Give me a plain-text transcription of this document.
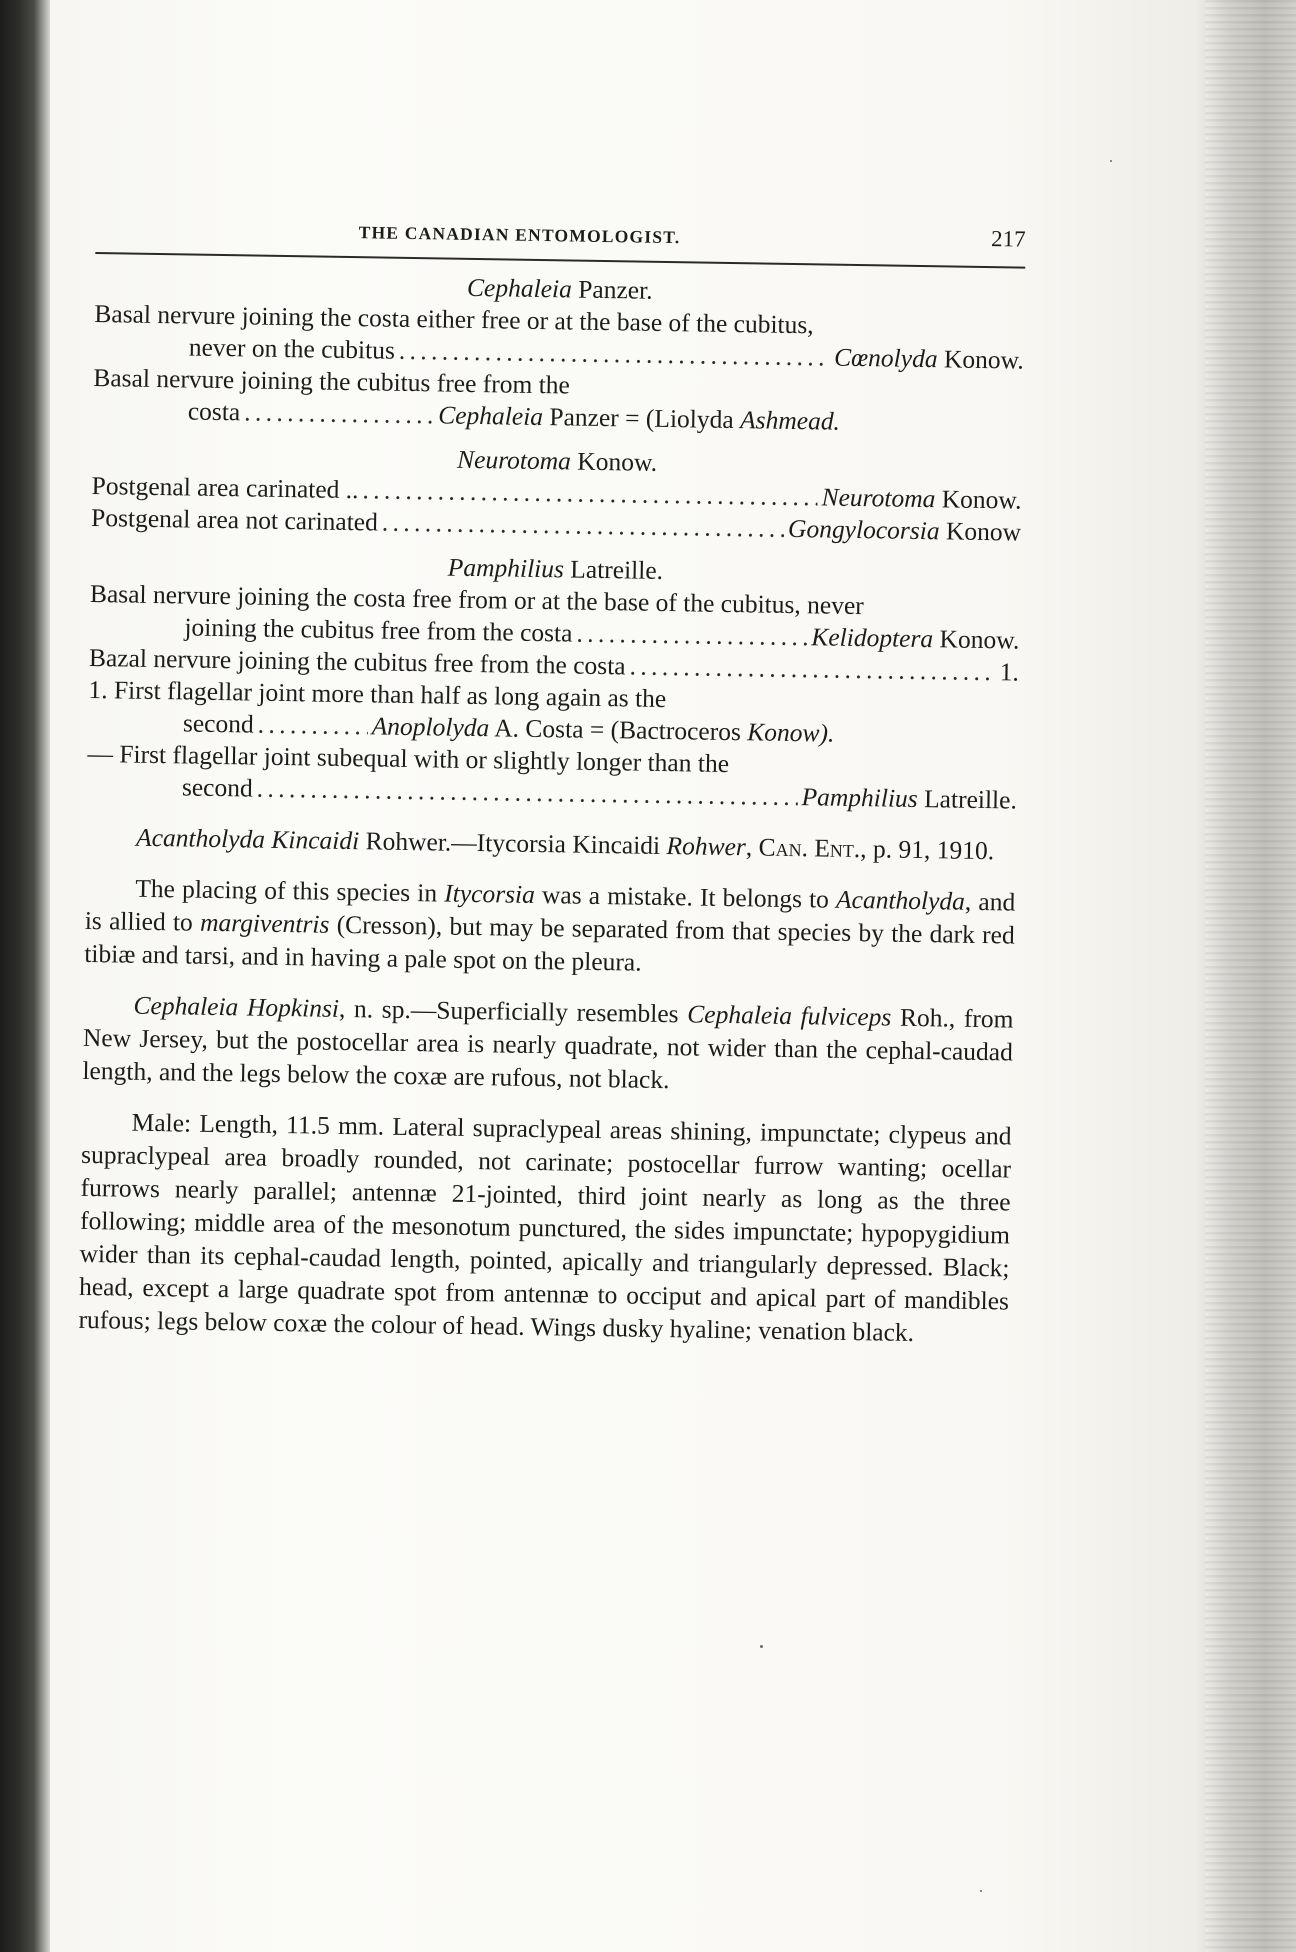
THE CANADIAN ENTOMOLOGIST.	217
Cephaleia Panzer.
Basal nervure joining the costa either free or at the base of the cubitus,
never on the cubitus . . .	Cœnolyda Konow.
Basal nervure joining the cubitus free from the
costa . . .	Cephaleia Panzer = (Liolyda Ashmead.
Neurotoma Konow.
Postgenal area carinated .. . . .	Neurotoma Konow.
Postgenal area not carinated . . .	Gongylocorsia Konow
Pamphilius Latreille.
Basal nervure joining the costa free from or at the base of the cubitus, never
joining the cubitus free from the costa . . .	Kelidoptera Konow.
Bazal nervure joining the cubitus free from the costa . . .	1.
1. First flagellar joint more than half as long again as the
second . . .	Anoplolyda A. Costa = (Bactroceros Konow).
— First flagellar joint subequal with or slightly longer than the
second . . .	Pamphilius Latreille.
Acantholyda Kincaidi Rohwer.—Itycorsia Kincaidi Rohwer, Can. Ent., p. 91, 1910.
The placing of this species in Itycorsia was a mistake. It belongs to Acantholyda, and is allied to margiventris (Cresson), but may be separated from that species by the dark red tibiæ and tarsi, and in having a pale spot on the pleura.
Cephaleia Hopkinsi, n. sp.—Superficially resembles Cephaleia fulviceps Roh., from New Jersey, but the postocellar area is nearly quadrate, not wider than the cephal-caudad length, and the legs below the coxæ are rufous, not black.
Male: Length, 11.5 mm. Lateral supraclypeal areas shining, impunctate; clypeus and supraclypeal area broadly rounded, not carinate; postocellar furrow wanting; ocellar furrows nearly parallel; antennæ 21-jointed, third joint nearly as long as the three following; middle area of the mesonotum punctured, the sides impunctate; hypopygidium wider than its cephal-caudad length, pointed, apically and triangularly depressed. Black; head, except a large quadrate spot from antennæ to occiput and apical part of mandibles rufous; legs below coxæ the colour of head. Wings dusky hyaline; venation black.
